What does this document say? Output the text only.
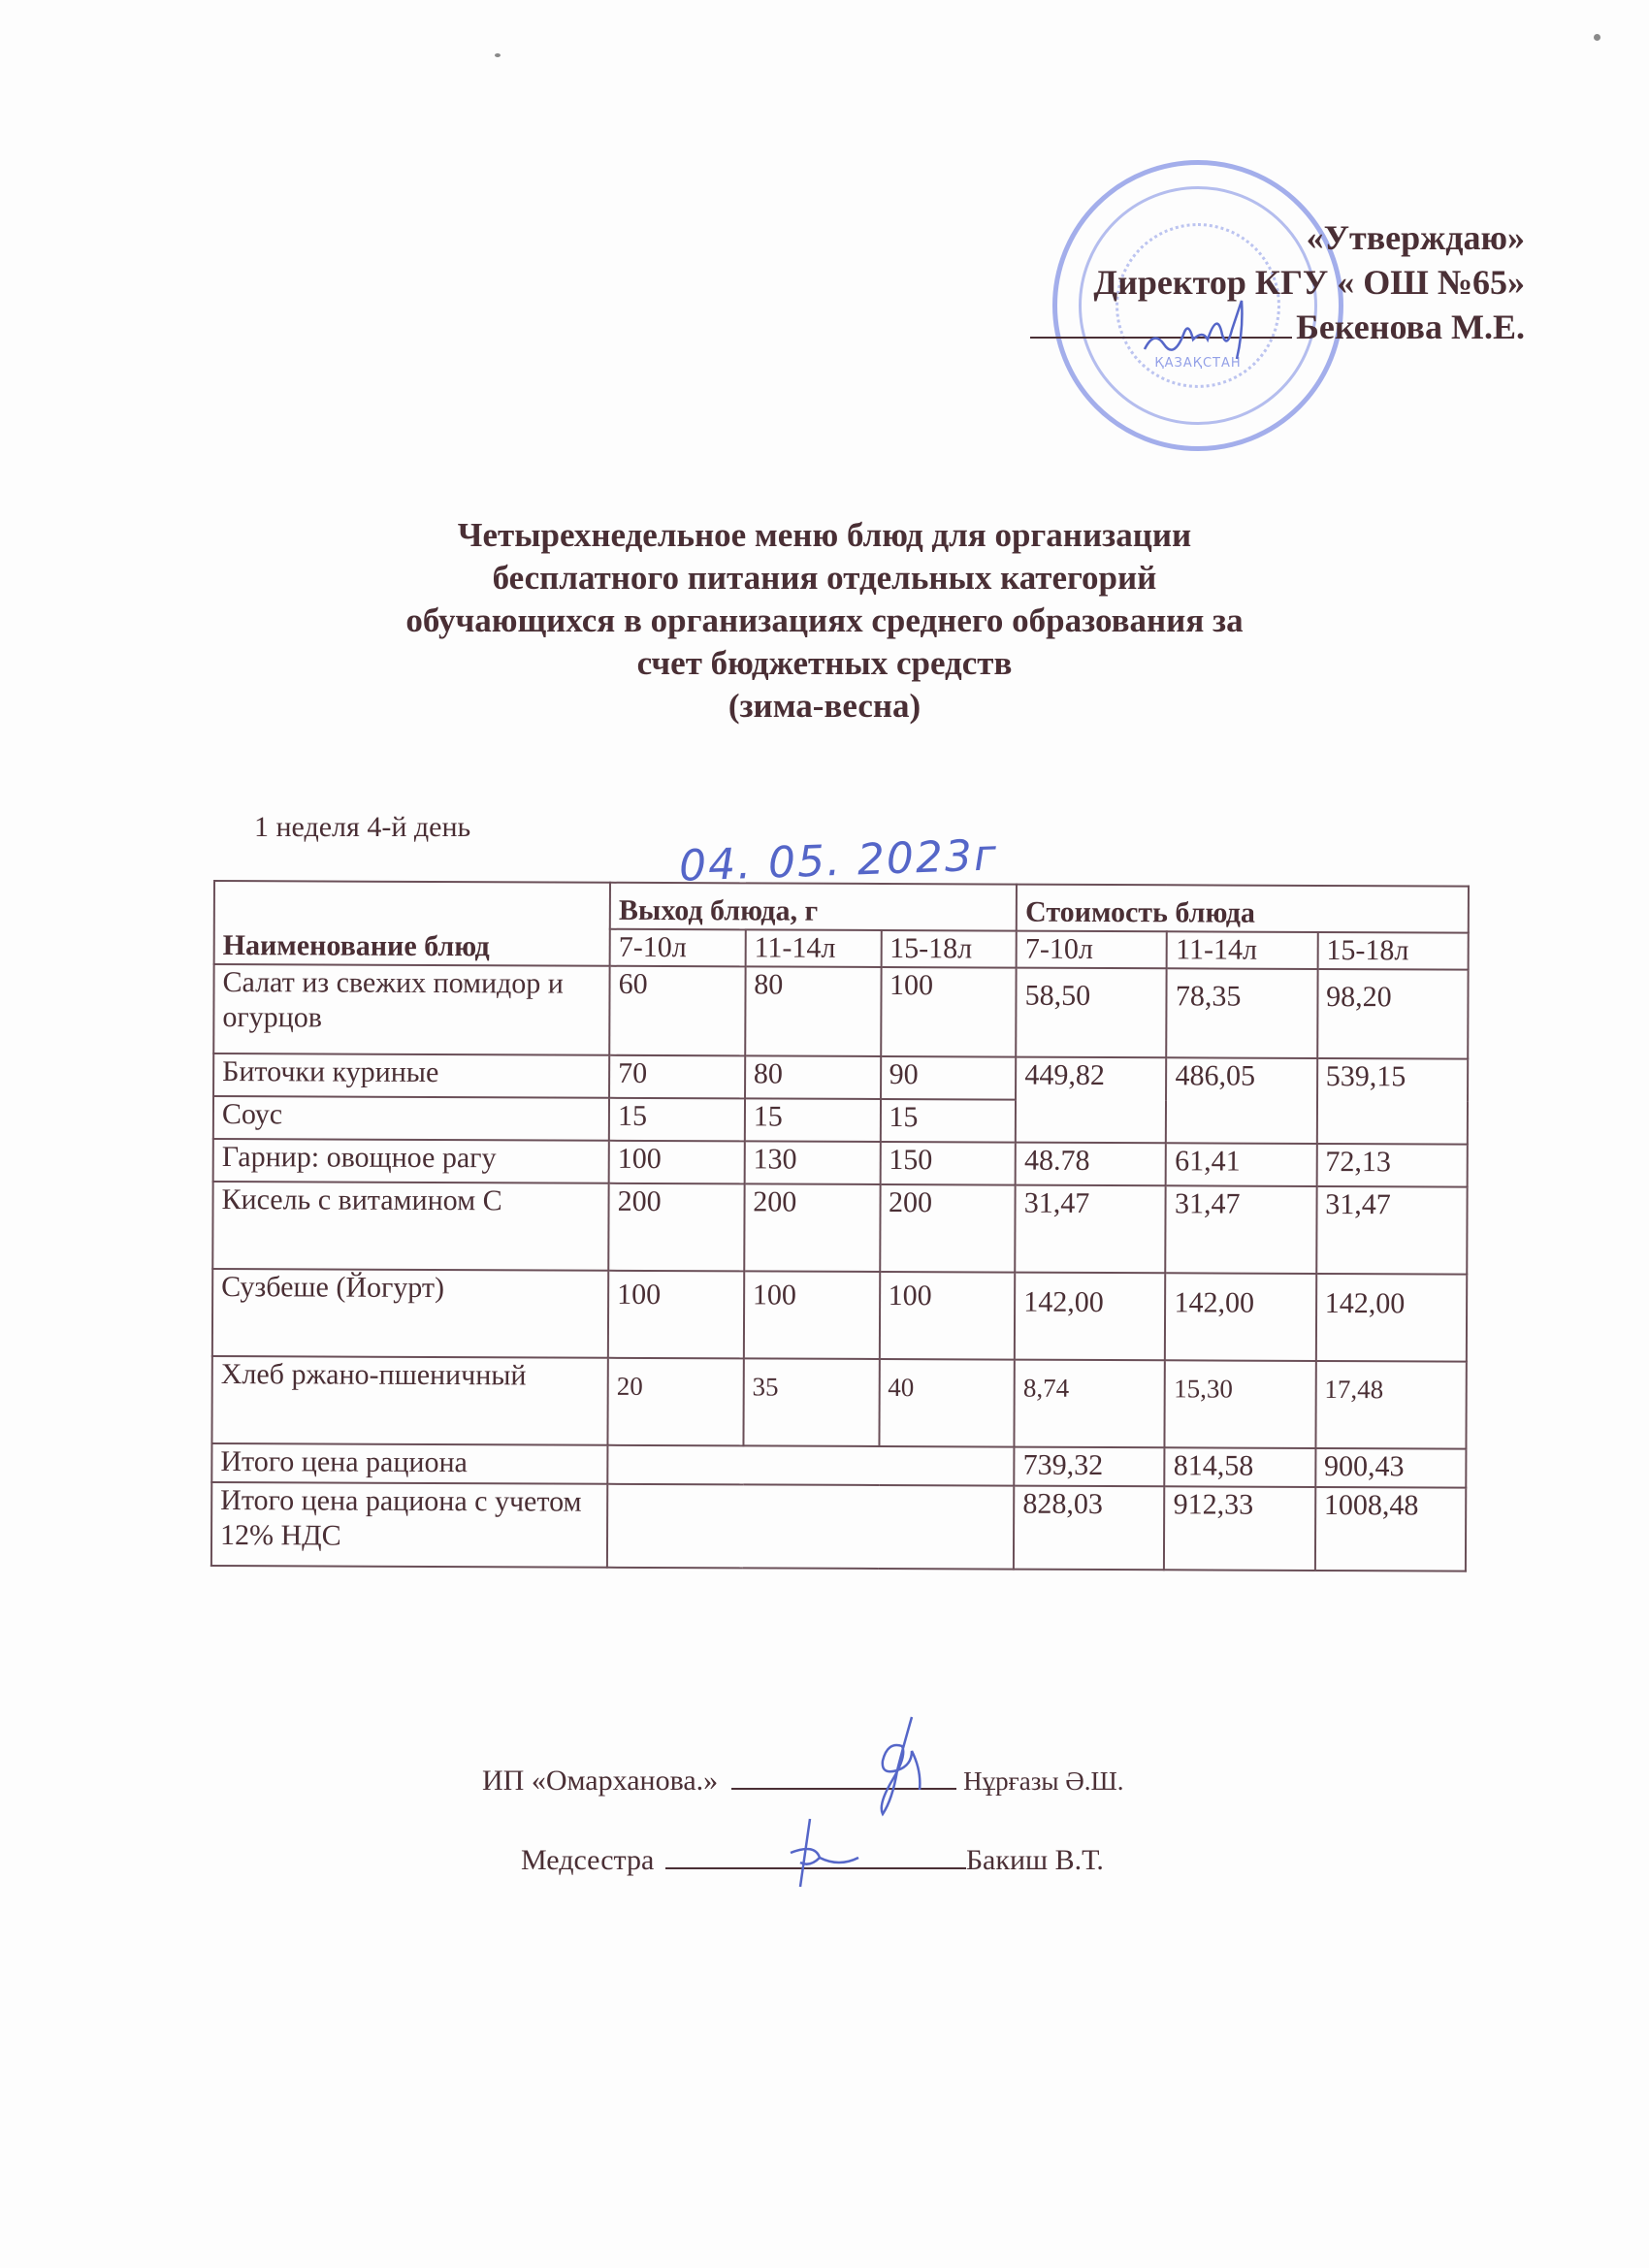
ҚАЗАҚСТАН
«Утверждаю»
Директор КГУ « ОШ №65»
Бекенова М.Е.
Четырехнедельное меню блюд для организации
бесплатного питания отдельных категорий
обучающихся в организациях среднего образования за
счет бюджетных средств
(зима-весна)
1 неделя 4-й день
04. 05. 2023г
Наименование блюд	Выход блюда, г			Стоимость блюда		
	7-10л	11-14л	15-18л	7-10л	11-14л	15-18л
Салат из свежих помидор и огурцов	60	80	100	58,50	78,35	98,20
Биточки куриные	70	80	90	449,82	486,05	539,15
Соус	15	15	15			
Гарнир: овощное рагу	100	130	150	48.78	61,41	72,13
Кисель с витамином С	200	200	200	31,47	31,47	31,47
Сузбеше (Йогурт)	100	100	100	142,00	142,00	142,00
Хлеб ржано-пшеничный	20	35	40	8,74	15,30	17,48
Итого цена рациона				739,32	814,58	900,43
Итого цена рациона с учетом 12% НДС				828,03	912,33	1008,48
ИП «Омарханова.»	Нұрғазы Ә.Ш.
Медсестра	Бакиш В.Т.
